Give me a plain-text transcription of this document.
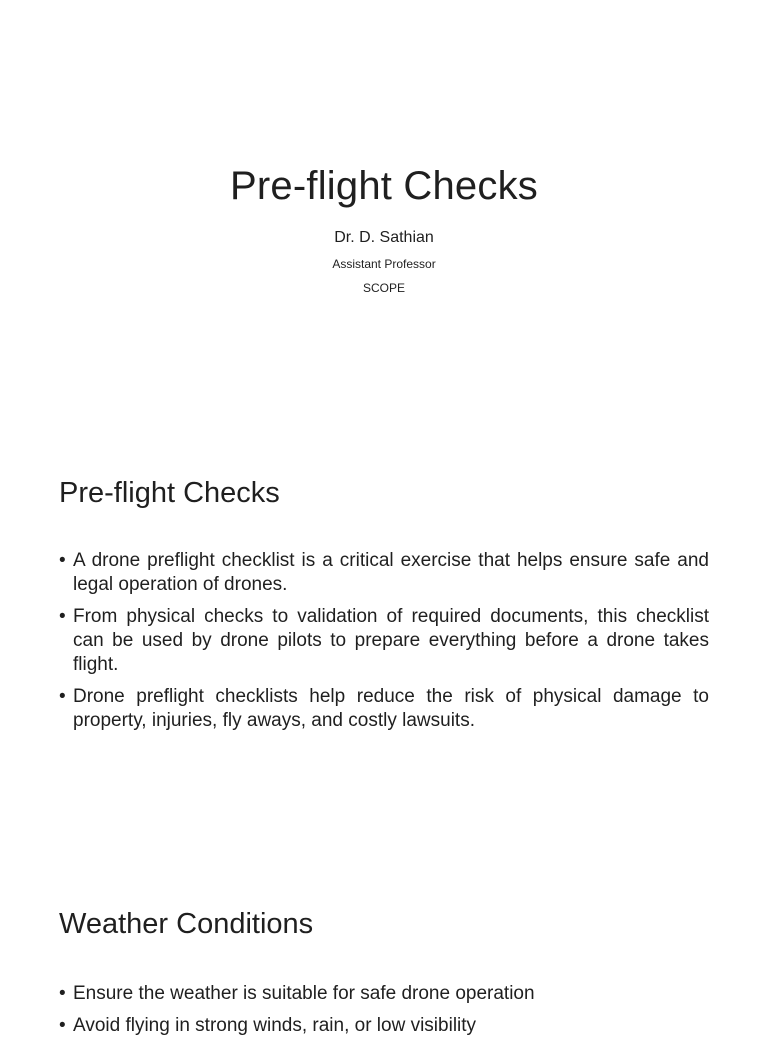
Pre-flight Checks
Dr. D. Sathian
Assistant Professor
SCOPE
Pre-flight Checks
• A drone preflight checklist is a critical exercise that helps ensure safe and legal operation of drones.
• From physical checks to validation of required documents, this checklist can be used by drone pilots to prepare everything before a drone takes flight.
• Drone preflight checklists help reduce the risk of physical damage to property, injuries, fly aways, and costly lawsuits.
Weather Conditions
• Ensure the weather is suitable for safe drone operation
• Avoid flying in strong winds, rain, or low visibility
